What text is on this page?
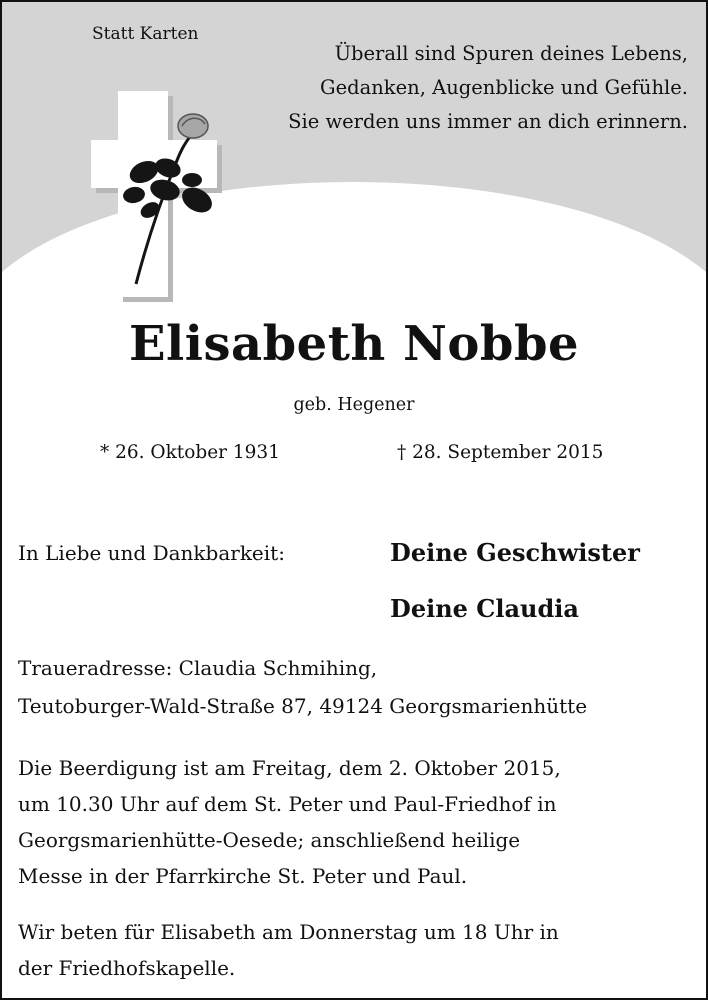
Statt Karten
Überall sind Spuren deines Lebens,
Gedanken, Augenblicke und Gefühle.
Sie werden uns immer an dich erinnern.
Elisabeth Nobbe
geb. Hegener
* 26. Oktober 1931	† 28. September 2015
In Liebe und Dankbarkeit:	Deine Geschwister
Deine Claudia
Traueradresse: Claudia Schmihing,
Teutoburger-Wald-Straße 87, 49124 Georgsmarienhütte
Die Beerdigung ist am Freitag, dem 2. Oktober 2015,
um 10.30 Uhr auf dem St. Peter und Paul-Friedhof in
Georgsmarienhütte-Oesede; anschließend heilige
Messe in der Pfarrkirche St. Peter und Paul.
Wir beten für Elisabeth am Donnerstag um 18 Uhr in
der Friedhofskapelle.
